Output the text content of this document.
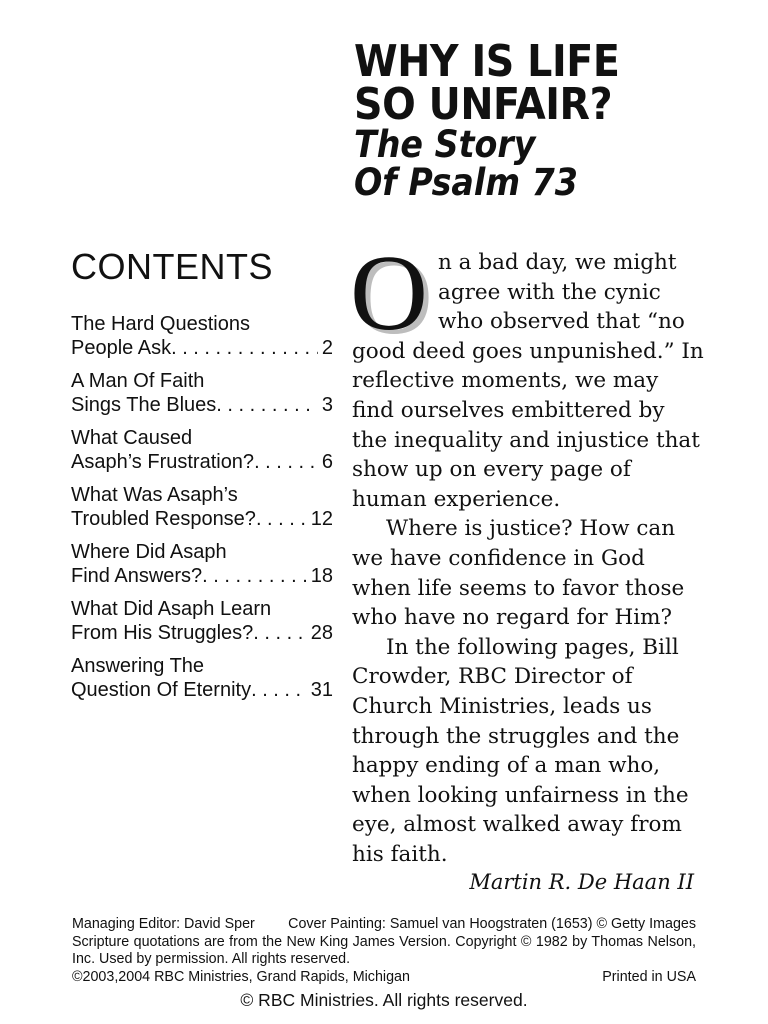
WHY IS LIFE
SO UNFAIR?
The Story
Of Psalm 73
CONTENTS
The Hard Questions
People Ask . . .	2
A Man Of Faith
Sings The Blues . . .	3
What Caused
Asaph’s Frustration? . . .	6
What Was Asaph’s
Troubled Response? . . .	12
Where Did Asaph
Find Answers? . . .	18
What Did Asaph Learn
From His Struggles? . . .	28
Answering The
Question Of Eternity . . .	31

On a bad day, we might agree with the cynic who observed that “no good deed goes unpunished.” In reflective moments, we may find ourselves embittered by the inequality and injustice that show up on every page of human experience.

Where is justice? How can we have confidence in God when life seems to favor those who have no regard for Him?

In the following pages, Bill Crowder, RBC Director of Church Ministries, leads us through the struggles and the happy ending of a man who, when looking unfairness in the eye, almost walked away from his faith.

Martin R. De Haan II
Managing Editor: David Sper Cover Painting: Samuel van Hoogstraten (1653) © Getty Images
Scripture quotations are from the New King James Version. Copyright © 1982 by Thomas Nelson, Inc. Used by permission. All rights reserved.
©2003,2004 RBC Ministries, Grand Rapids, Michigan	Printed in USA
© RBC Ministries. All rights reserved.
